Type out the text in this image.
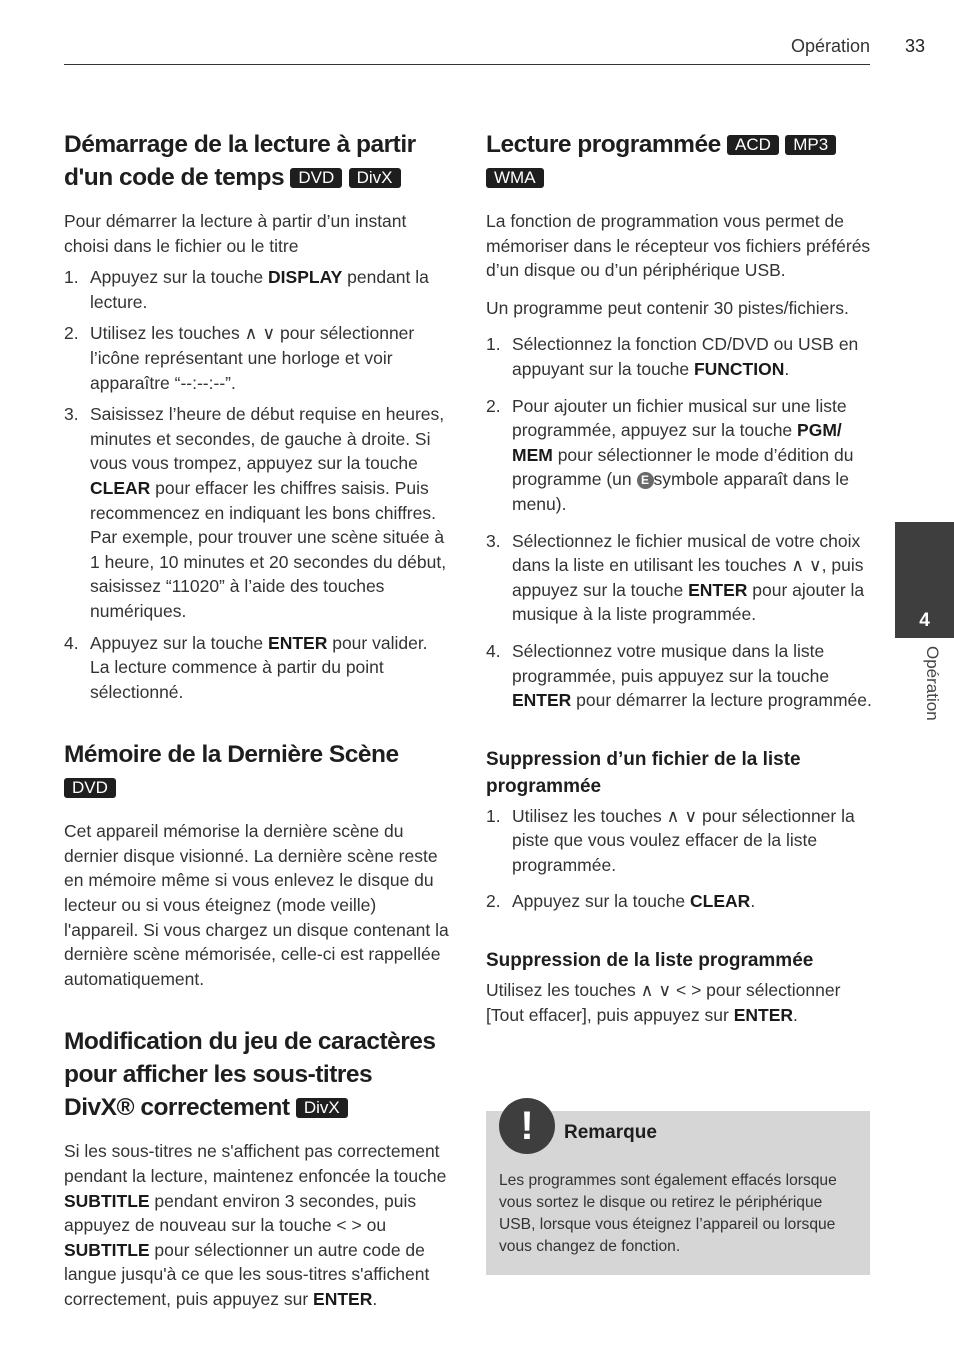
Opération 33
4
Opération
Démarrage de la lecture à partir
d'un code de temps DVD DivX

Pour démarrer la lecture à partir d’un instant choisi dans le fichier ou le titre

1. Appuyez sur la touche DISPLAY pendant la lecture.
2. Utilisez les touches ∧ ∨ pour sélectionner l’icône représentant une horloge et voir apparaître “--:--:--”.
3. Saisissez l’heure de début requise en heures, minutes et secondes, de gauche à droite. Si vous vous trompez, appuyez sur la touche CLEAR pour effacer les chiffres saisis. Puis recommencez en indiquant les bons chiffres. Par exemple, pour trouver une scène située à 1 heure, 10 minutes et 20 secondes du début, saisissez “11020” à l’aide des touches numériques.
4. Appuyez sur la touche ENTER pour valider. La lecture commence à partir du point sélectionné.
Mémoire de la Dernière Scène DVD

Cet appareil mémorise la dernière scène du dernier disque visionné. La dernière scène reste en mémoire même si vous enlevez le disque du lecteur ou si vous éteignez (mode veille) l'appareil. Si vous chargez un disque contenant la dernière scène mémorisée, celle-ci est rappellée automatiquement.

Modification du jeu de caractères
pour afficher les sous-titres
DivX® correctement DivX

Si les sous-titres ne s'affichent pas correctement pendant la lecture, maintenez enfoncée la touche SUBTITLE pendant environ 3 secondes, puis appuyez de nouveau sur la touche < > ou SUBTITLE pour sélectionner un autre code de langue jusqu'à ce que les sous-titres s'affichent correctement, puis appuyez sur ENTER.

Lecture programmée ACD MP3
WMA

La fonction de programmation vous permet de mémoriser dans le récepteur vos fichiers préférés d’un disque ou d’un périphérique USB.

Un programme peut contenir 30 pistes/fichiers.

1. Sélectionnez la fonction CD/DVD ou USB en appuyant sur la touche FUNCTION.
2. Pour ajouter un fichier musical sur une liste programmée, appuyez sur la touche PGM/ MEM pour sélectionner le mode d’édition du programme (un E symbole apparaît dans le menu).
3. Sélectionnez le fichier musical de votre choix dans la liste en utilisant les touches ∧ ∨, puis appuyez sur la touche ENTER pour ajouter la musique à la liste programmée.
4. Sélectionnez votre musique dans la liste programmée, puis appuyez sur la touche ENTER pour démarrer la lecture programmée.
Suppression d’un fichier de la liste programmée
1. Utilisez les touches ∧ ∨ pour sélectionner la piste que vous voulez effacer de la liste programmée.
2. Appuyez sur la touche CLEAR.
Suppression de la liste programmée

Utilisez les touches ∧ ∨ < > pour sélectionner [Tout effacer], puis appuyez sur ENTER.

!	Remarque
Les programmes sont également effacés lorsque vous sortez le disque ou retirez le périphérique USB, lorsque vous éteignez l’appareil ou lorsque vous changez de fonction.
